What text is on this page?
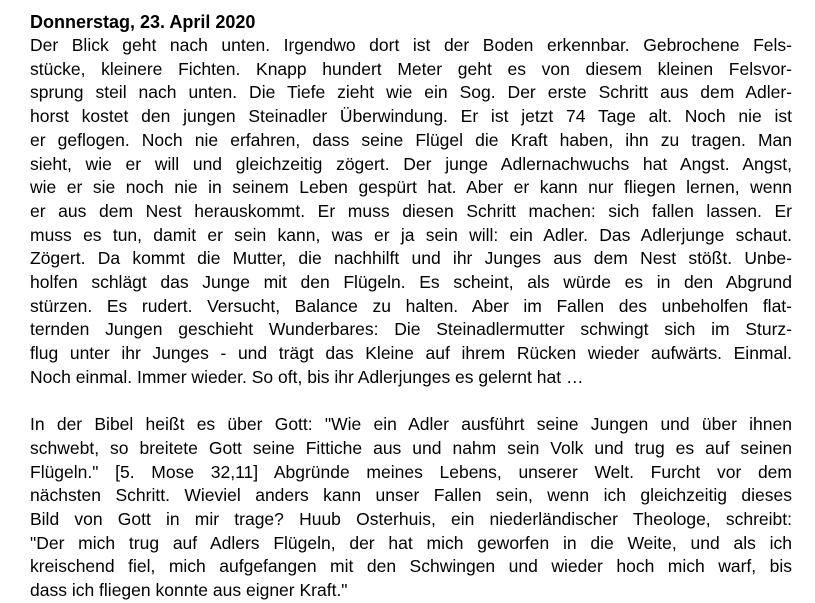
Donnerstag, 23. April 2020
Der Blick geht nach unten. Irgendwo dort ist der Boden erkennbar. Gebrochene Fels-
stücke, kleinere Fichten. Knapp hundert Meter geht es von diesem kleinen Felsvor-
sprung steil nach unten. Die Tiefe zieht wie ein Sog. Der erste Schritt aus dem Adler-
horst kostet den jungen Steinadler Überwindung. Er ist jetzt 74 Tage alt. Noch nie ist
er geflogen. Noch nie erfahren, dass seine Flügel die Kraft haben, ihn zu tragen. Man
sieht, wie er will und gleichzeitig zögert. Der junge Adlernachwuchs hat Angst. Angst,
wie er sie noch nie in seinem Leben gespürt hat. Aber er kann nur fliegen lernen, wenn
er aus dem Nest herauskommt. Er muss diesen Schritt machen: sich fallen lassen. Er
muss es tun, damit er sein kann, was er ja sein will: ein Adler. Das Adlerjunge schaut.
Zögert. Da kommt die Mutter, die nachhilft und ihr Junges aus dem Nest stößt. Unbe-
holfen schlägt das Junge mit den Flügeln. Es scheint, als würde es in den Abgrund
stürzen. Es rudert. Versucht, Balance zu halten. Aber im Fallen des unbeholfen flat-
ternden Jungen geschieht Wunderbares: Die Steinadlermutter schwingt sich im Sturz-
flug unter ihr Junges - und trägt das Kleine auf ihrem Rücken wieder aufwärts. Einmal.
Noch einmal. Immer wieder. So oft, bis ihr Adlerjunges es gelernt hat …
In der Bibel heißt es über Gott: "Wie ein Adler ausführt seine Jungen und über ihnen
schwebt, so breitete Gott seine Fittiche aus und nahm sein Volk und trug es auf seinen
Flügeln." [5. Mose 32,11] Abgründe meines Lebens, unserer Welt. Furcht vor dem
nächsten Schritt. Wieviel anders kann unser Fallen sein, wenn ich gleichzeitig dieses
Bild von Gott in mir trage? Huub Osterhuis, ein niederländischer Theologe, schreibt:
"Der mich trug auf Adlers Flügeln, der hat mich geworfen in die Weite, und als ich
kreischend fiel, mich aufgefangen mit den Schwingen und wieder hoch mich warf, bis
dass ich fliegen konnte aus eigner Kraft."
